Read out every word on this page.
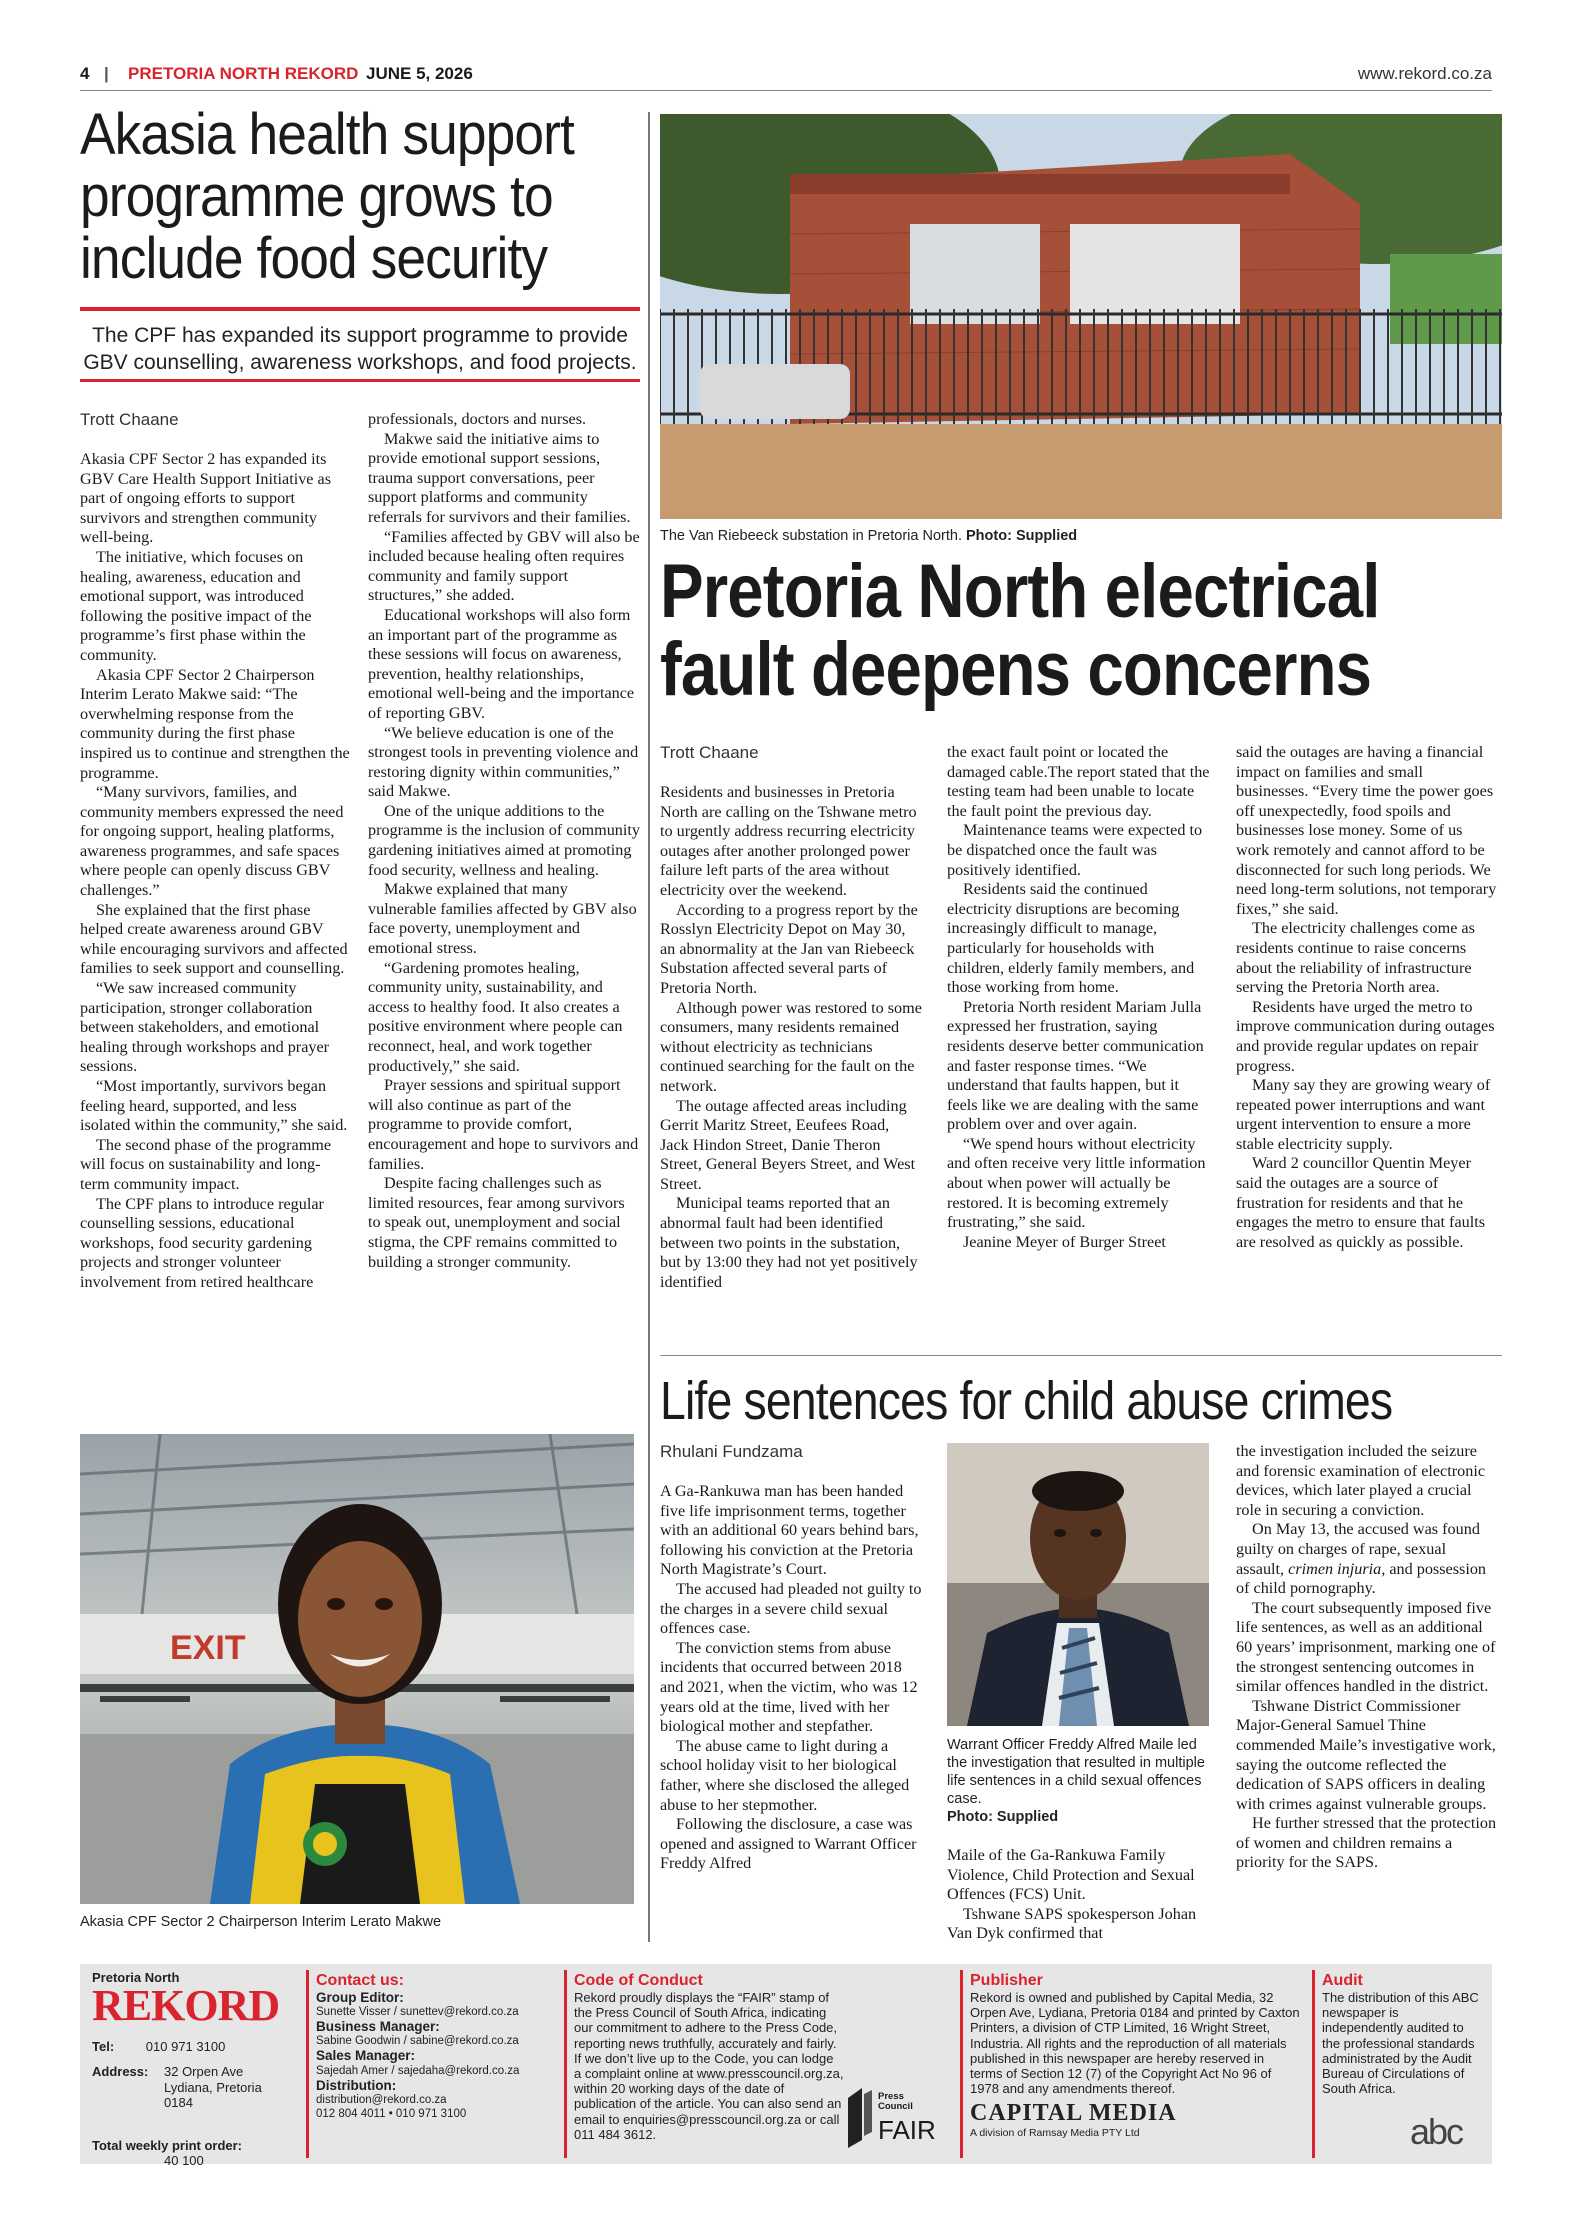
4 | PRETORIA NORTH REKORD JUNE 5, 2026	www.rekord.co.za
Akasia health support programme grows to include food security
The CPF has expanded its support programme to provide GBV counselling, awareness workshops, and food projects.
Trott Chaane

Akasia CPF Sector 2 has expanded its GBV Care Health Support Initiative as part of ongoing efforts to support survivors and strengthen community well-being.

The initiative, which focuses on healing, awareness, education and emotional support, was introduced following the positive impact of the programme’s first phase within the community.

Akasia CPF Sector 2 Chairperson Interim Lerato Makwe said: “The overwhelming response from the community during the first phase inspired us to continue and strengthen the programme.

“Many survivors, families, and community members expressed the need for ongoing support, healing platforms, awareness programmes, and safe spaces where people can openly discuss GBV challenges.”

She explained that the first phase helped create awareness around GBV while encouraging survivors and affected families to seek support and counselling.

“We saw increased community participation, stronger collaboration between stakeholders, and emotional healing through workshops and prayer sessions.

“Most importantly, survivors began feeling heard, supported, and less isolated within the community,” she said.

The second phase of the programme will focus on sustainability and long-term community impact.

The CPF plans to introduce regular counselling sessions, educational workshops, food security gardening projects and stronger volunteer involvement from retired healthcare

professionals, doctors and nurses.

Makwe said the initiative aims to provide emotional support sessions, trauma support conversations, peer support platforms and community referrals for survivors and their families.

“Families affected by GBV will also be included because healing often requires community and family support structures,” she added.

Educational workshops will also form an important part of the programme as these sessions will focus on awareness, prevention, healthy relationships, emotional well-being and the importance of reporting GBV.

“We believe education is one of the strongest tools in preventing violence and restoring dignity within communities,” said Makwe.

One of the unique additions to the programme is the inclusion of community gardening initiatives aimed at promoting food security, wellness and healing.

Makwe explained that many vulnerable families affected by GBV also face poverty, unemployment and emotional stress.

“Gardening promotes healing, community unity, sustainability, and access to healthy food. It also creates a positive environment where people can reconnect, heal, and work together productively,” she said.

Prayer sessions and spiritual support will also continue as part of the programme to provide comfort, encouragement and hope to survivors and families.

Despite facing challenges such as limited resources, fear among survivors to speak out, unemployment and social stigma, the CPF remains committed to building a stronger community.

EXIT
Akasia CPF Sector 2 Chairperson Interim Lerato Makwe
The Van Riebeeck substation in Pretoria North. Photo: Supplied
Pretoria North electrical fault deepens concerns
Trott Chaane

Residents and businesses in Pretoria North are calling on the Tshwane metro to urgently address recurring electricity outages after another prolonged power failure left parts of the area without electricity over the weekend.

According to a progress report by the Rosslyn Electricity Depot on May 30, an abnormality at the Jan van Riebeeck Substation affected several parts of Pretoria North.

Although power was restored to some consumers, many residents remained without electricity as technicians continued searching for the fault on the network.

The outage affected areas including Gerrit Maritz Street, Eeufees Road, Jack Hindon Street, Danie Theron Street, General Beyers Street, and West Street.

Municipal teams reported that an abnormal fault had been identified between two points in the substation, but by 13:00 they had not yet positively identified

the exact fault point or located the damaged cable.The report stated that the testing team had been unable to locate the fault point the previous day.

Maintenance teams were expected to be dispatched once the fault was positively identified.

Residents said the continued electricity disruptions are becoming increasingly difficult to manage, particularly for households with children, elderly family members, and those working from home.

Pretoria North resident Mariam Julla expressed her frustration, saying residents deserve better communication and faster response times. “We understand that faults happen, but it feels like we are dealing with the same problem over and over again.

“We spend hours without electricity and often receive very little information about when power will actually be restored. It is becoming extremely frustrating,” she said.

Jeanine Meyer of Burger Street

said the outages are having a financial impact on families and small businesses. “Every time the power goes off unexpectedly, food spoils and businesses lose money. Some of us work remotely and cannot afford to be disconnected for such long periods. We need long-term solutions, not temporary fixes,” she said.

The electricity challenges come as residents continue to raise concerns about the reliability of infrastructure serving the Pretoria North area.

Residents have urged the metro to improve communication during outages and provide regular updates on repair progress.

Many say they are growing weary of repeated power interruptions and want urgent intervention to ensure a more stable electricity supply.

Ward 2 councillor Quentin Meyer said the outages are a source of frustration for residents and that he engages the metro to ensure that faults are resolved as quickly as possible.

Life sentences for child abuse crimes
Rhulani Fundzama

A Ga-Rankuwa man has been handed five life imprisonment terms, together with an additional 60 years behind bars, following his conviction at the Pretoria North Magistrate’s Court.

The accused had pleaded not guilty to the charges in a severe child sexual offences case.

The conviction stems from abuse incidents that occurred between 2018 and 2021, when the victim, who was 12 years old at the time, lived with her biological mother and stepfather.

The abuse came to light during a school holiday visit to her biological father, where she disclosed the alleged abuse to her stepmother.

Following the disclosure, a case was opened and assigned to Warrant Officer Freddy Alfred

Warrant Officer Freddy Alfred Maile led the investigation that resulted in multiple life sentences in a child sexual offences case.
Photo: Supplied

Maile of the Ga-Rankuwa Family Violence, Child Protection and Sexual Offences (FCS) Unit.

Tshwane SAPS spokesperson Johan Van Dyk confirmed that

the investigation included the seizure and forensic examination of electronic devices, which later played a crucial role in securing a conviction.

On May 13, the accused was found guilty on charges of rape, sexual assault, crimen injuria, and possession of child pornography.

The court subsequently imposed five life sentences, as well as an additional 60 years’ imprisonment, marking one of the strongest sentencing outcomes in similar offences handled in the district.

Tshwane District Commissioner Major-General Samuel Thine commended Maile’s investigative work, saying the outcome reflected the dedication of SAPS officers in dealing with crimes against vulnerable groups.

He further stressed that the protection of women and children remains a priority for the SAPS.

Pretoria North
REKORD
Tel: 010 971 3100
Address: 32 Orpen Ave
Lydiana, Pretoria
0184
Total weekly print order:
40 100
Contact us:
Group Editor:
Sunette Visser / sunettev@rekord.co.za
Business Manager:
Sabine Goodwin / sabine@rekord.co.za
Sales Manager:
Sajedah Amer / sajedaha@rekord.co.za
Distribution:
distribution@rekord.co.za
012 804 4011 • 010 971 3100
Code of Conduct
Rekord proudly displays the “FAIR” stamp of the Press Council of South Africa, indicating our commitment to adhere to the Press Code, reporting news truthfully, accurately and fairly. If we don’t live up to the Code, you can lodge a complaint online at www.presscouncil.org.za, within 20 working days of the date of publication of the article. You can also send an email to enquiries@presscouncil.org.za or call 011 484 3612.
Press Council
FAIR
Publisher
Rekord is owned and published by Capital Media, 32 Orpen Ave, Lydiana, Pretoria 0184 and printed by Caxton Printers, a division of CTP Limited, 16 Wright Street, Industria. All rights and the reproduction of all materials published in this newspaper are hereby reserved in terms of Section 12 (7) of the Copyright Act No 96 of 1978 and any amendments thereof.
CAPITAL MEDIA
A division of Ramsay Media PTY Ltd
Audit
The distribution of this ABC newspaper is independently audited to the professional standards administrated by the Audit Bureau of Circulations of South Africa.
abc
